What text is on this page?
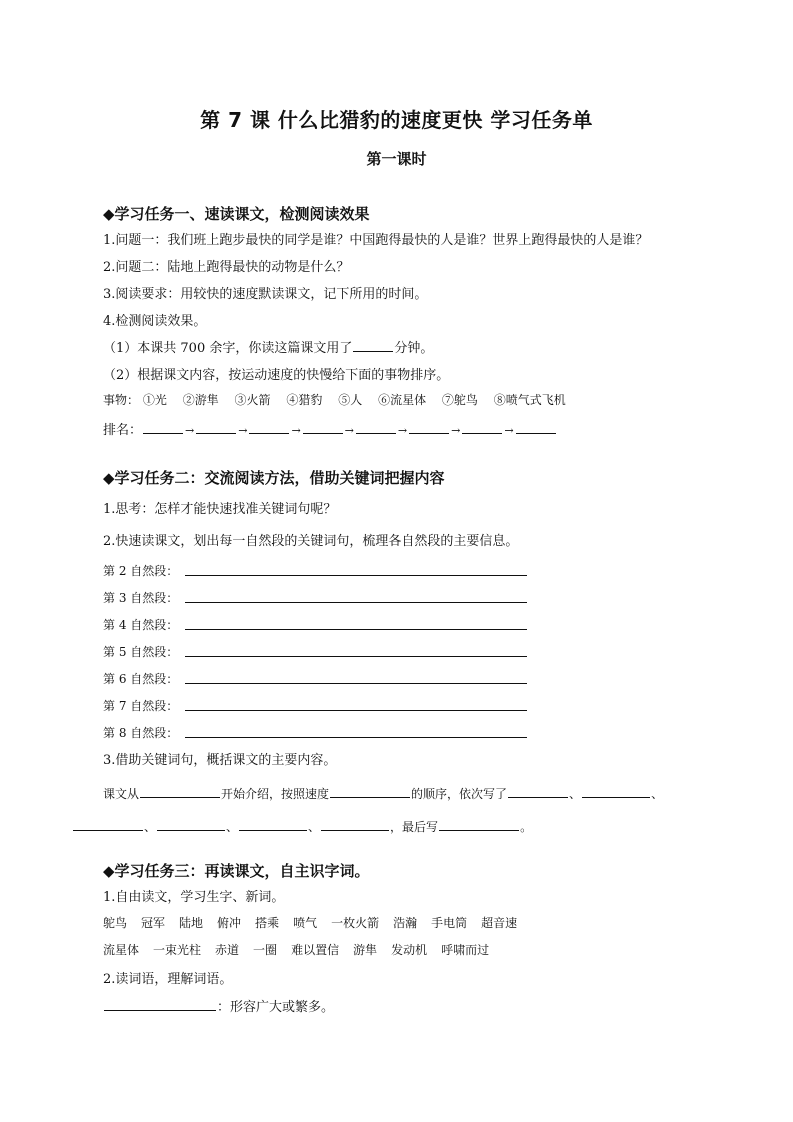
第 7 课 什么比猎豹的速度更快 学习任务单
第一课时
◆学习任务一、速读课文，检测阅读效果
1.问题一：我们班上跑步最快的同学是谁？中国跑得最快的人是谁？世界上跑得最快的人是谁？
2.问题二：陆地上跑得最快的动物是什么？
3.阅读要求：用较快的速度默读课文，记下所用的时间。
4.检测阅读效果。
（1）本课共 700 余字，你读这篇课文用了	分钟。
（2）根据课文内容，按运动速度的快慢给下面的事物排序。
事物： ①光 ②游隼 ③火箭 ④猎豹 ⑤人 ⑥流星体 ⑦鸵鸟 ⑧喷气式飞机
排名：	→	→	→	→	→	→	→
◆学习任务二：交流阅读方法，借助关键词把握内容
1.思考：怎样才能快速找准关键词句呢？
2.快速读课文，划出每一自然段的关键词句，梳理各自然段的主要信息。
第 2 自然段：
第 3 自然段：
第 4 自然段：
第 5 自然段：
第 6 自然段：
第 7 自然段：
第 8 自然段：
3.借助关键词句，概括课文的主要内容。
课文从	开始介绍，按照速度	的顺序，依次写了	、	、
、	、	、	，最后写	。
◆学习任务三：再读课文，自主识字词。
1.自由读文，学习生字、新词。
鸵鸟 冠军 陆地 俯冲 搭乘 喷气 一枚火箭 浩瀚 手电筒 超音速
流星体 一束光柱 赤道 一圈 难以置信 游隼 发动机 呼啸而过
2.读词语，理解词语。
：形容广大或繁多。
